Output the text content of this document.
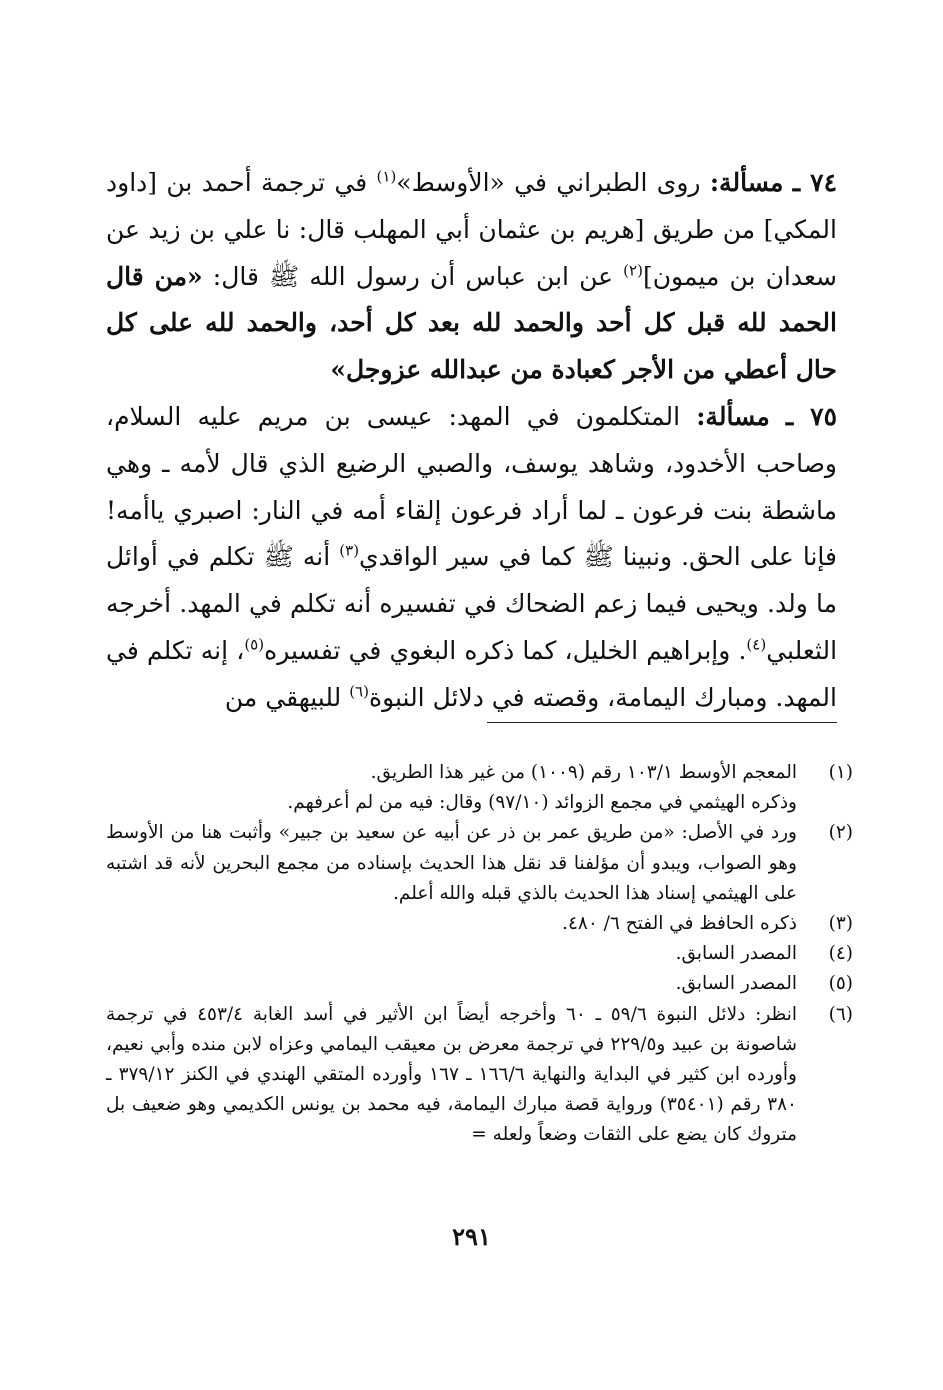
٧٤ ـ مسألة: روى الطبراني في «الأوسط»$^{(١)}$ في ترجمة أحمد بن [داود المكي] من طريق [هريم بن عثمان أبي المهلب قال: نا علي بن زيد عن سعدان بن ميمون]$^{(٢)}$ عن ابن عباس أن رسول الله ﷺ قال: «من قال الحمد لله قبل كل أحد والحمد لله بعد كل أحد، والحمد لله على كل حال أعطي من الأجر كعبادة من عبدالله عزوجل»

٧٥ ـ مسألة: المتكلمون في المهد: عيسى بن مريم عليه السلام، وصاحب الأخدود، وشاهد يوسف، والصبي الرضيع الذي قال لأمه ـ وهي ماشطة بنت فرعون ـ لما أراد فرعون إلقاء أمه في النار: اصبري ياأمه! فإنا على الحق. ونبينا ﷺ كما في سير الواقدي$^{(٣)}$ أنه ﷺ تكلم في أوائل ما ولد. ويحيى فيما زعم الضحاك في تفسيره أنه تكلم في المهد. أخرجه الثعلبي$^{(٤)}$. وإبراهيم الخليل، كما ذكره البغوي في تفسيره$^{(٥)}$، إنه تكلم في المهد. ومبارك اليمامة، وقصته في دلائل النبوة$^{(٦)}$ للبيهقي من

(١)
المعجم الأوسط ١٠٣/١ رقم (١٠٠٩) من غير هذا الطريق.
وذكره الهيثمي في مجمع الزوائد (٩٧/١٠) وقال: فيه من لم أعرفهم.
(٢)
ورد في الأصل: «من طريق عمر بن ذر عن أبيه عن سعيد بن جبير» وأثبت هنا من الأوسط وهو الصواب، ويبدو أن مؤلفنا قد نقل هذا الحديث بإسناده من مجمع البحرين لأنه قد اشتبه على الهيثمي إسناد هذا الحديث بالذي قبله والله أعلم.
(٣)
ذكره الحافظ في الفتح ٦/ ٤٨٠.
(٤)
المصدر السابق.
(٥)
المصدر السابق.
(٦)
انظر: دلائل النبوة ٥٩/٦ ـ ٦٠ وأخرجه أيضاً ابن الأثير في أسد الغابة ٤٥٣/٤ في ترجمة شاصونة بن عبيد و٢٢٩/٥ في ترجمة معرض بن معيقب اليمامي وعزاه لابن منده وأبي نعيم، وأورده ابن كثير في البداية والنهاية ١٦٦/٦ ـ ١٦٧ وأورده المتقي الهندي في الكنز ٣٧٩/١٢ ـ ٣٨٠ رقم (٣٥٤٠١) ورواية قصة مبارك اليمامة، فيه محمد بن يونس الكديمي وهو ضعيف بل متروك كان يضع على الثقات وضعاً ولعله =
٢٩١
